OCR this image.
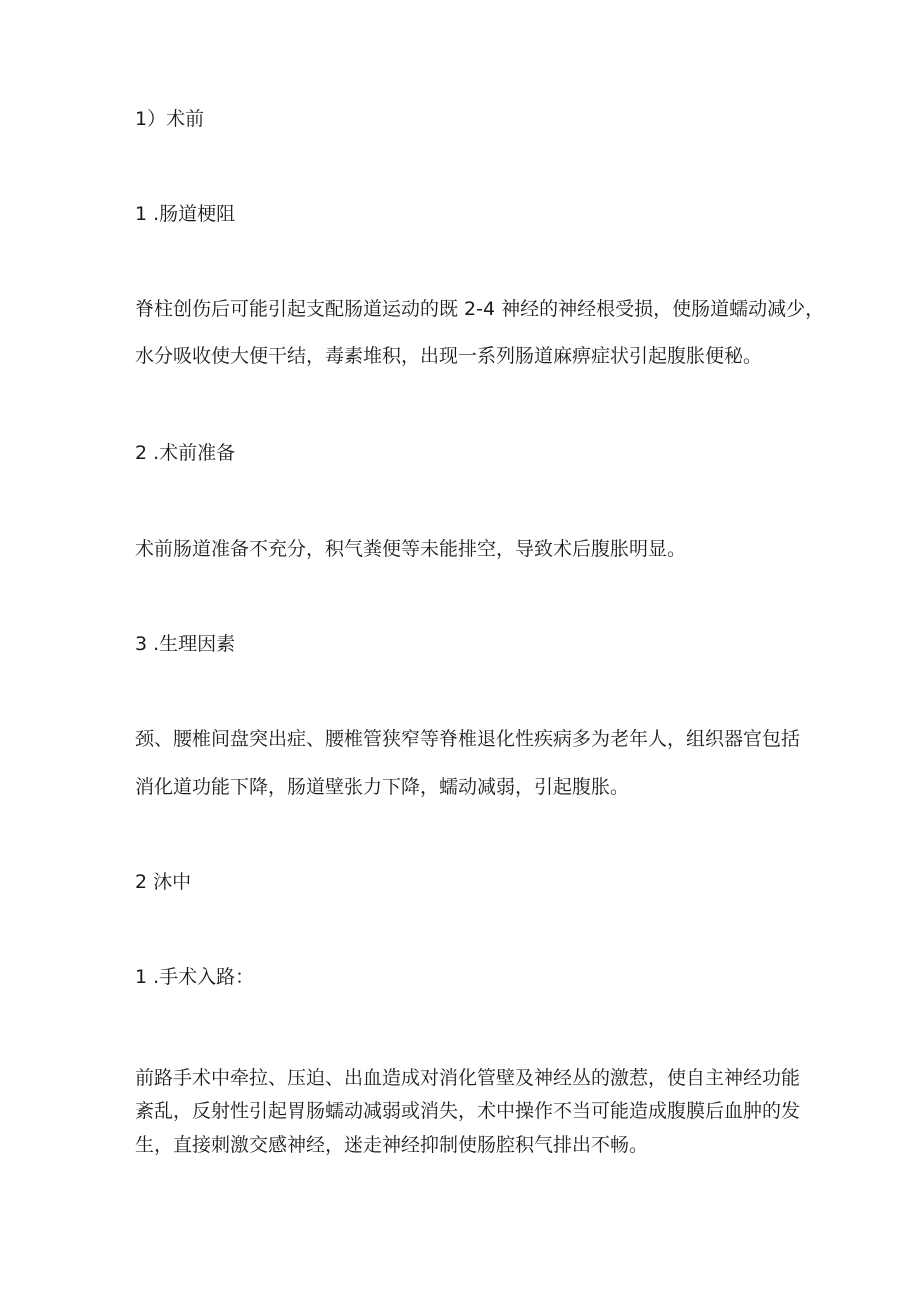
1）术前
1 .肠道梗阻
脊柱创伤后可能引起支配肠道运动的既 2-4 神经的神经根受损，使肠道蠕动减少，
水分吸收使大便干结，毒素堆积，出现一系列肠道麻痹症状引起腹胀便秘。
2 .术前准备
术前肠道准备不充分，积气粪便等未能排空，导致术后腹胀明显。
3 .生理因素
颈、腰椎间盘突出症、腰椎管狭窄等脊椎退化性疾病多为老年人，组织器官包括
消化道功能下降，肠道壁张力下降，蠕动减弱，引起腹胀。
2 沐中
1 .手术入路：
前路手术中牵拉、压迫、出血造成对消化管壁及神经丛的激惹，使自主神经功能
紊乱，反射性引起胃肠蠕动减弱或消失，术中操作不当可能造成腹膜后血肿的发
生，直接刺激交感神经，迷走神经抑制使肠腔积气排出不畅。
